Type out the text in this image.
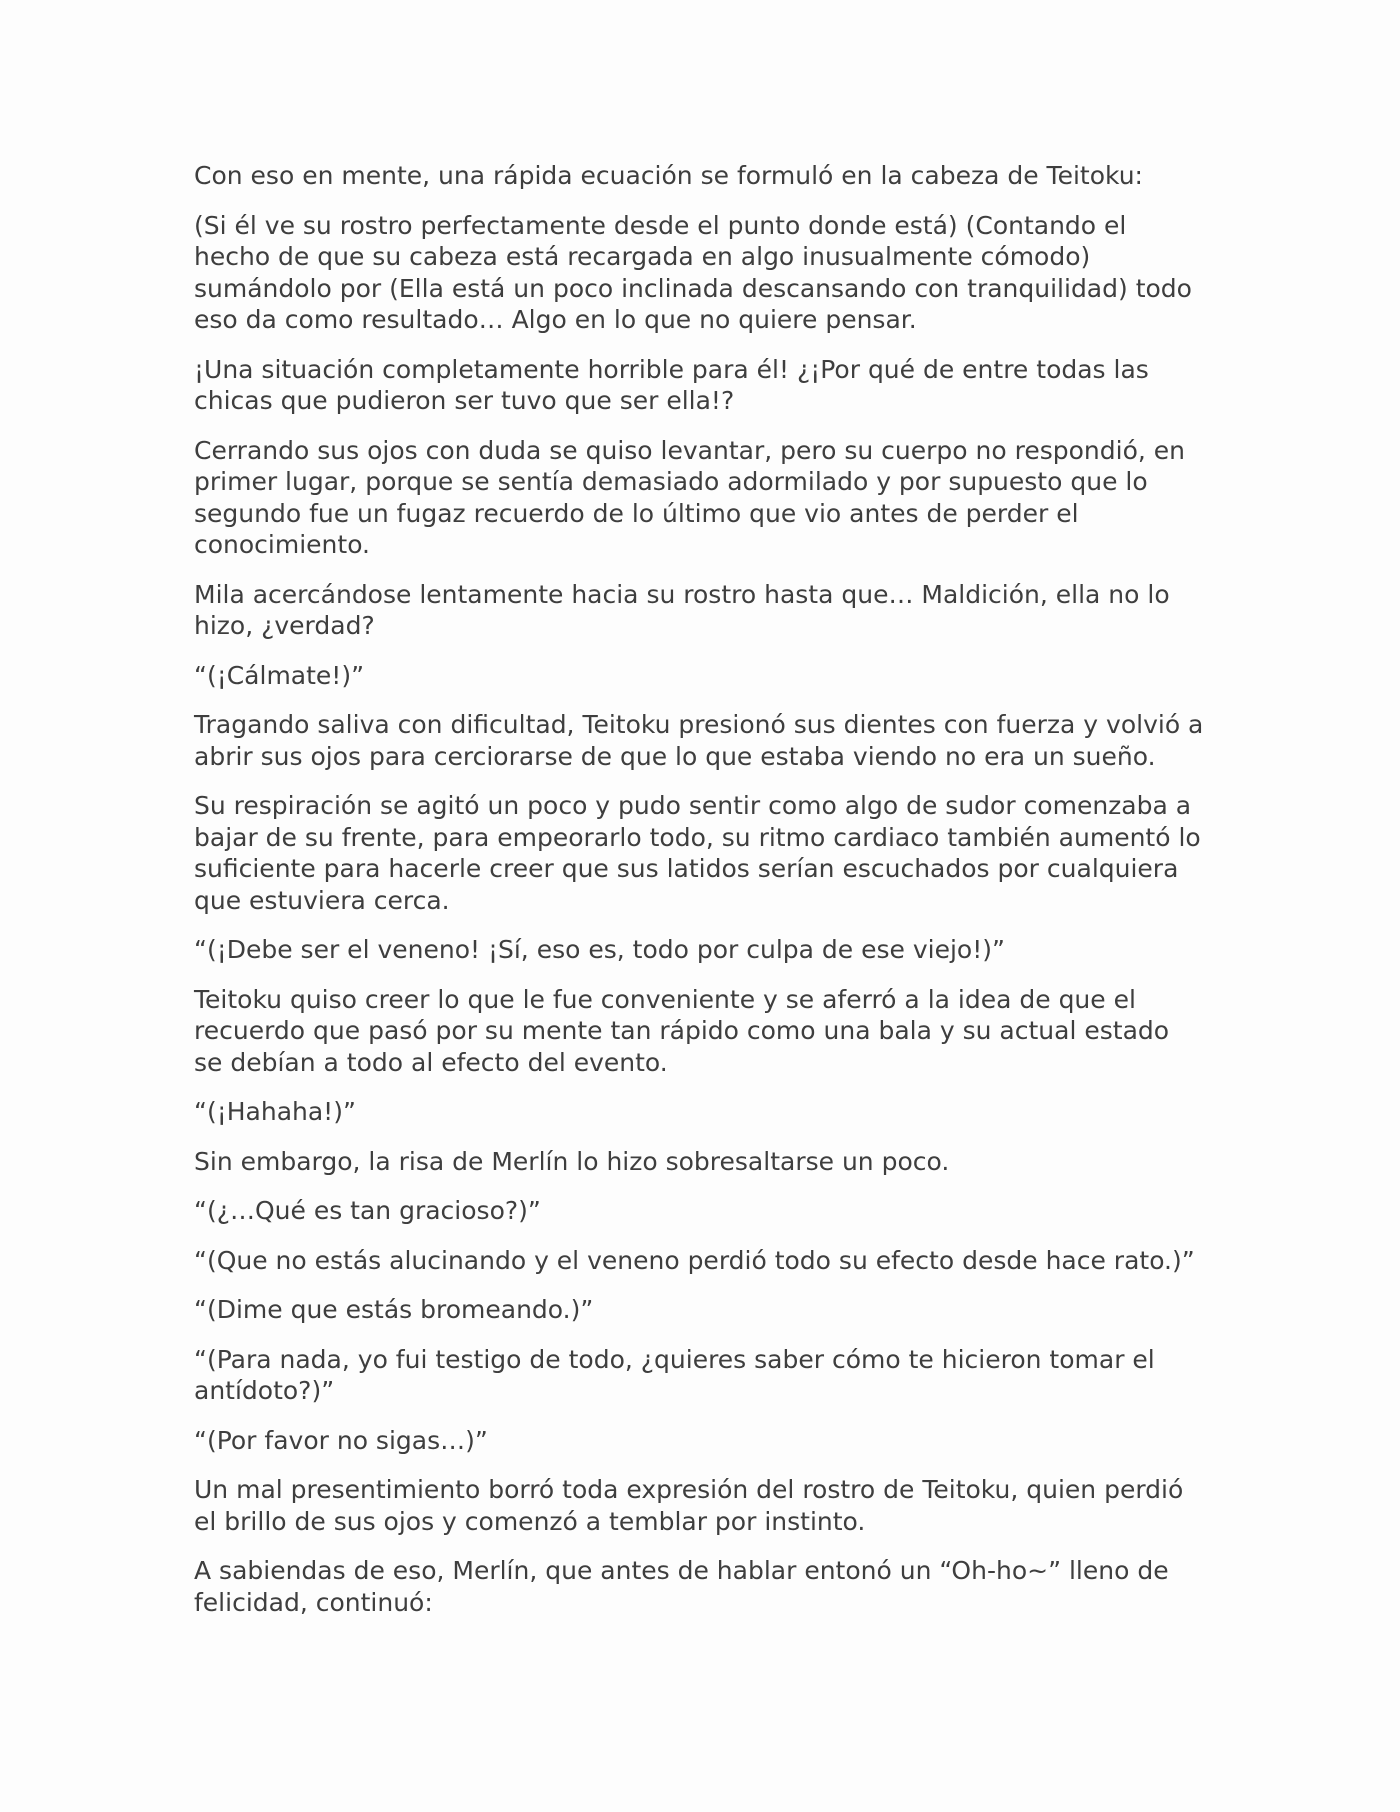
Con eso en mente, una rápida ecuación se formuló en la cabeza de Teitoku:

(Si él ve su rostro perfectamente desde el punto donde está) (Contando el hecho de que su cabeza está recargada en algo inusualmente cómodo) sumándolo por (Ella está un poco inclinada descansando con tranquilidad) todo eso da como resultado… Algo en lo que no quiere pensar.

¡Una situación completamente horrible para él! ¿¡Por qué de entre todas las chicas que pudieron ser tuvo que ser ella!?

Cerrando sus ojos con duda se quiso levantar, pero su cuerpo no respondió, en primer lugar, porque se sentía demasiado adormilado y por supuesto que lo segundo fue un fugaz recuerdo de lo último que vio antes de perder el conocimiento.

Mila acercándose lentamente hacia su rostro hasta que… Maldición, ella no lo hizo, ¿verdad?

“(¡Cálmate!)”

Tragando saliva con dificultad, Teitoku presionó sus dientes con fuerza y volvió a abrir sus ojos para cerciorarse de que lo que estaba viendo no era un sueño.

Su respiración se agitó un poco y pudo sentir como algo de sudor comenzaba a bajar de su frente, para empeorarlo todo, su ritmo cardiaco también aumentó lo suficiente para hacerle creer que sus latidos serían escuchados por cualquiera que estuviera cerca.

“(¡Debe ser el veneno! ¡Sí, eso es, todo por culpa de ese viejo!)”

Teitoku quiso creer lo que le fue conveniente y se aferró a la idea de que el recuerdo que pasó por su mente tan rápido como una bala y su actual estado se debían a todo al efecto del evento.

“(¡Hahaha!)”

Sin embargo, la risa de Merlín lo hizo sobresaltarse un poco.

“(¿…Qué es tan gracioso?)”

“(Que no estás alucinando y el veneno perdió todo su efecto desde hace rato.)”

“(Dime que estás bromeando.)”

“(Para nada, yo fui testigo de todo, ¿quieres saber cómo te hicieron tomar el antídoto?)”

“(Por favor no sigas…)”

Un mal presentimiento borró toda expresión del rostro de Teitoku, quien perdió el brillo de sus ojos y comenzó a temblar por instinto.

A sabiendas de eso, Merlín, que antes de hablar entonó un “Oh-ho~” lleno de felicidad, continuó:
